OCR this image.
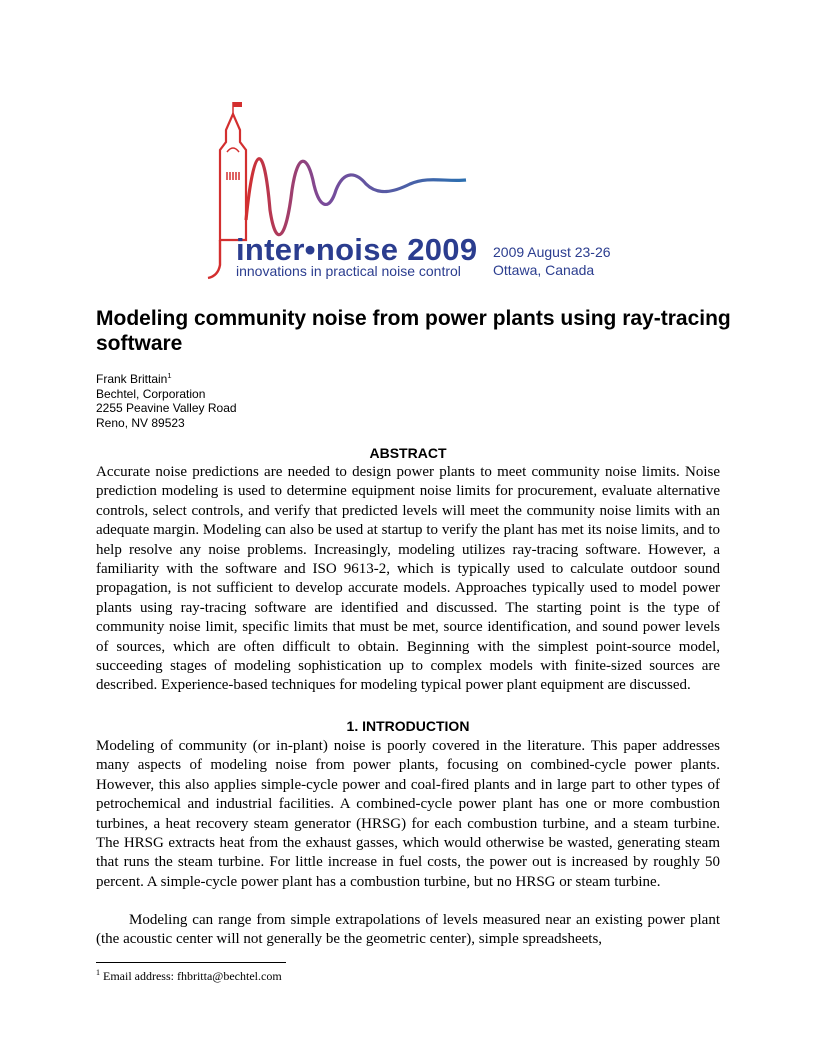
inter•noise 2009
innovations in practical noise control
2009 August 23-26
Ottawa, Canada
Modeling community noise from power plants using ray-tracing software
Frank Brittain$^1$
Bechtel, Corporation
2255 Peavine Valley Road
Reno, NV 89523
ABSTRACT

Accurate noise predictions are needed to design power plants to meet community noise limits. Noise prediction modeling is used to determine equipment noise limits for procurement, evaluate alternative controls, select controls, and verify that predicted levels will meet the community noise limits with an adequate margin. Modeling can also be used at startup to verify the plant has met its noise limits, and to help resolve any noise problems. Increasingly, modeling utilizes ray-tracing software. However, a familiarity with the software and ISO 9613-2, which is typically used to calculate outdoor sound propagation, is not sufficient to develop accurate models. Approaches typically used to model power plants using ray-tracing software are identified and discussed. The starting point is the type of community noise limit, specific limits that must be met, source identification, and sound power levels of sources, which are often difficult to obtain. Beginning with the simplest point-source model, succeeding stages of modeling sophistication up to complex models with finite-sized sources are described. Experience-based techniques for modeling typical power plant equipment are discussed.

1. INTRODUCTION

Modeling of community (or in-plant) noise is poorly covered in the literature. This paper addresses many aspects of modeling noise from power plants, focusing on combined-cycle power plants. However, this also applies simple-cycle power and coal-fired plants and in large part to other types of petrochemical and industrial facilities. A combined-cycle power plant has one or more combustion turbines, a heat recovery steam generator (HRSG) for each combustion turbine, and a steam turbine. The HRSG extracts heat from the exhaust gasses, which would otherwise be wasted, generating steam that runs the steam turbine. For little increase in fuel costs, the power out is increased by roughly 50 percent. A simple-cycle power plant has a combustion turbine, but no HRSG or steam turbine.

Modeling can range from simple extrapolations of levels measured near an existing power plant (the acoustic center will not generally be the geometric center), simple spreadsheets,

$^1$ Email address: fhbritta@bechtel.com
